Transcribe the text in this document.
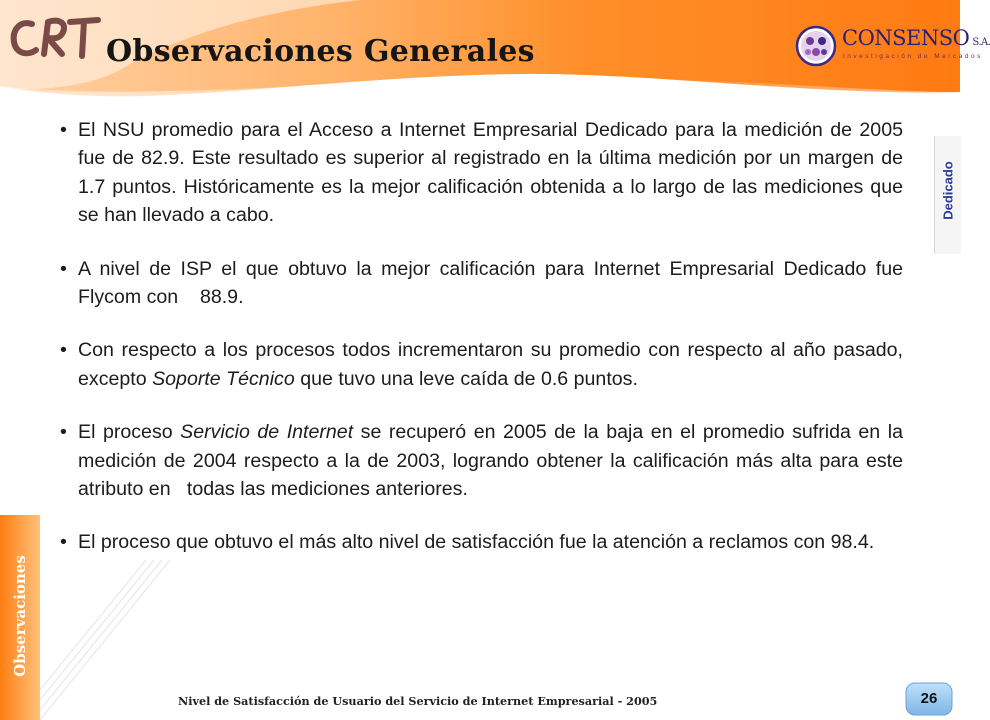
Observaciones Generales	CONSENSO S.A.
Investigación de Mercados
Dedicado
Observaciones
• El NSU promedio para el Acceso a Internet Empresarial Dedicado para la medición de 2005 fue de 82.9. Este resultado es superior al registrado en la última medición por un margen de 1.7 puntos. Históricamente es la mejor calificación obtenida a lo largo de las mediciones que se han llevado a cabo.
• A nivel de ISP el que obtuvo la mejor calificación para Internet Empresarial Dedicado fue Flycom con    88.9.
• Con respecto a los procesos todos incrementaron su promedio con respecto al año pasado, excepto Soporte Técnico que tuvo una leve caída de 0.6 puntos.
• El proceso Servicio de Internet se recuperó en 2005 de la baja en el promedio sufrida en la medición de 2004 respecto a la de 2003, logrando obtener la calificación más alta para este atributo en   todas las mediciones anteriores.
• El proceso que obtuvo el más alto nivel de satisfacción fue la atención a reclamos con 98.4.
Nivel de Satisfacción de Usuario del Servicio de Internet Empresarial - 2005	26
